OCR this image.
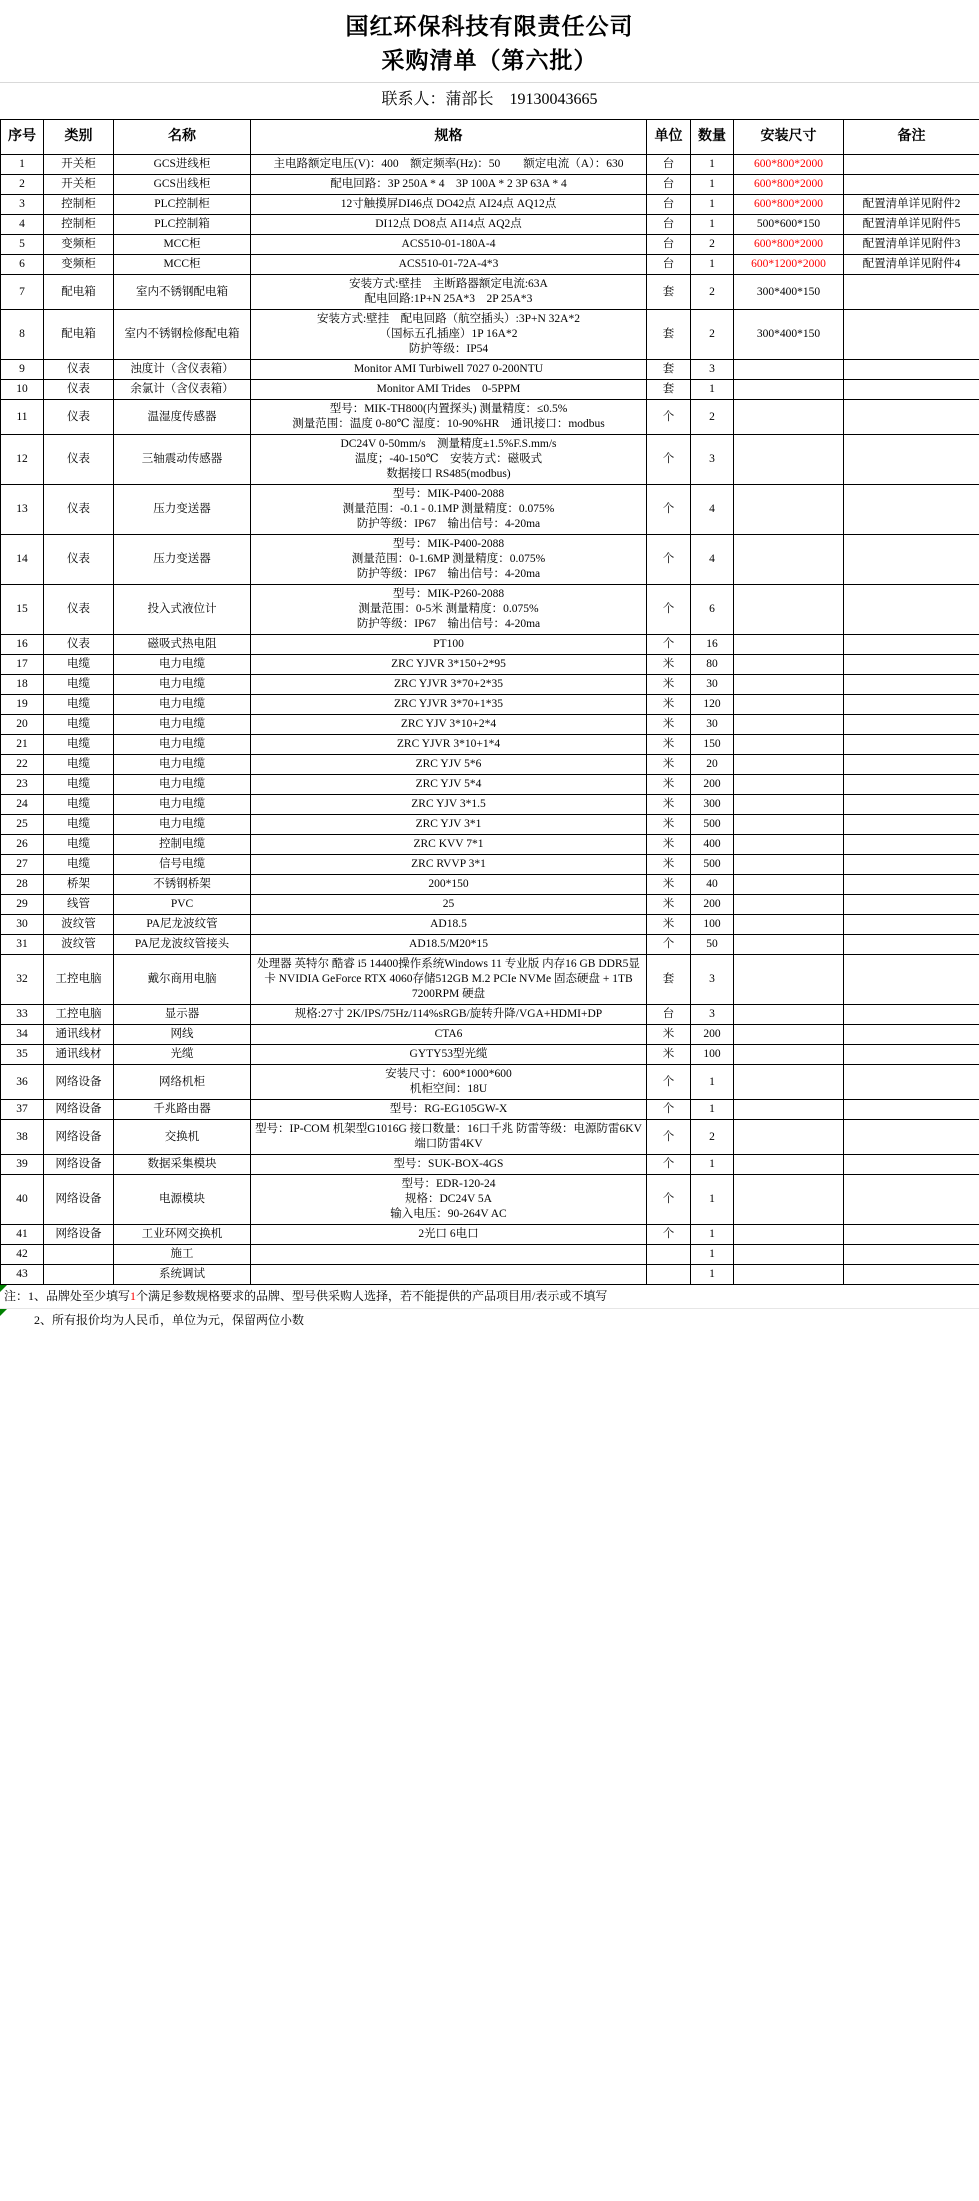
国红环保科技有限责任公司
采购清单（第六批）
联系人：蒲部长　19130043665
序号	类别	名称	规格	单位	数量	安装尺寸	备注
1	开关柜	GCS进线柜	主电路额定电压(V)：400　额定频率(Hz)：50　　额定电流（A）：630	台	1	600*800*2000	
2	开关柜	GCS出线柜	配电回路：3P 250A * 4　3P 100A * 2 3P 63A * 4	台	1	600*800*2000	
3	控制柜	PLC控制柜	12寸触摸屏DI46点 DO42点 AI24点 AQ12点	台	1	600*800*2000	配置清单详见附件2
4	控制柜	PLC控制箱	DI12点 DO8点 AI14点 AQ2点	台	1	500*600*150	配置清单详见附件5
5	变频柜	MCC柜	ACS510-01-180A-4	台	2	600*800*2000	配置清单详见附件3
6	变频柜	MCC柜	ACS510-01-72A-4*3	台	1	600*1200*2000	配置清单详见附件4
7	配电箱	室内不锈钢配电箱	安装方式:壁挂　主断路器额定电流:63A
配电回路:1P+N 25A*3　2P 25A*3	套	2	300*400*150	
8	配电箱	室内不锈钢检修配电箱	安装方式:壁挂　配电回路（航空插头）:3P+N 32A*2
（国标五孔插座）1P 16A*2
防护等级：IP54	套	2	300*400*150	
9	仪表	浊度计（含仪表箱）	Monitor AMI Turbiwell 7027 0-200NTU	套	3		
10	仪表	余氯计（含仪表箱）	Monitor AMI Trides　0-5PPM	套	1		
11	仪表	温湿度传感器	型号：MIK-TH800(内置探头) 测量精度：≤0.5%
测量范围：温度 0-80℃ 湿度：10-90%HR　通讯接口：modbus	个	2		
12	仪表	三轴震动传感器	DC24V 0-50mm/s　测量精度±1.5%F.S.mm/s
温度；-40-150℃　安装方式：磁吸式
数据接口 RS485(modbus)	个	3		
13	仪表	压力变送器	型号：MIK-P400-2088
测量范围：-0.1 - 0.1MP 测量精度：0.075%
防护等级：IP67　输出信号：4-20ma	个	4		
14	仪表	压力变送器	型号：MIK-P400-2088
测量范围：0-1.6MP 测量精度：0.075%
防护等级：IP67　输出信号：4-20ma	个	4		
15	仪表	投入式液位计	型号：MIK-P260-2088
测量范围：0-5米 测量精度：0.075%
防护等级：IP67　输出信号：4-20ma	个	6		
16	仪表	磁吸式热电阻	PT100	个	16		
17	电缆	电力电缆	ZRC YJVR 3*150+2*95	米	80		
18	电缆	电力电缆	ZRC YJVR 3*70+2*35	米	30		
19	电缆	电力电缆	ZRC YJVR 3*70+1*35	米	120		
20	电缆	电力电缆	ZRC YJV 3*10+2*4	米	30		
21	电缆	电力电缆	ZRC YJVR 3*10+1*4	米	150		
22	电缆	电力电缆	ZRC YJV 5*6	米	20		
23	电缆	电力电缆	ZRC YJV 5*4	米	200		
24	电缆	电力电缆	ZRC YJV 3*1.5	米	300		
25	电缆	电力电缆	ZRC YJV 3*1	米	500		
26	电缆	控制电缆	ZRC KVV 7*1	米	400		
27	电缆	信号电缆	ZRC RVVP 3*1	米	500		
28	桥架	不锈钢桥架	200*150	米	40		
29	线管	PVC	25	米	200		
30	波纹管	PA尼龙波纹管	AD18.5	米	100		
31	波纹管	PA尼龙波纹管接头	AD18.5/M20*15	个	50		
32	工控电脑	戴尔商用电脑	处理器 英特尔 酷睿 i5 14400操作系统Windows 11 专业版 内存16 GB DDR5显卡 NVIDIA GeForce RTX 4060存储512GB M.2 PCIe NVMe 固态硬盘 + 1TB 7200RPM 硬盘	套	3		
33	工控电脑	显示器	规格:27寸 2K/IPS/75Hz/114%sRGB/旋转升降/VGA+HDMI+DP	台	3		
34	通讯线材	网线	CTA6	米	200		
35	通讯线材	光缆	GYTY53型光缆	米	100		
36	网络设备	网络机柜	安装尺寸：600*1000*600
机柜空间：18U	个	1		
37	网络设备	千兆路由器	型号：RG-EG105GW-X	个	1		
38	网络设备	交换机	型号：IP-COM 机架型G1016G 接口数量：16口千兆 防雷等级：电源防雷6KV端口防雷4KV	个	2		
39	网络设备	数据采集模块	型号：SUK-BOX-4GS	个	1		
40	网络设备	电源模块	型号：EDR-120-24
规格：DC24V 5A
输入电压：90-264V AC	个	1		
41	网络设备	工业环网交换机	2光口 6电口	个	1		
42		施工			1		
43		系统调试			1		
注：1、品牌处至少填写1个满足参数规格要求的品牌、型号供采购人选择，若不能提供的产品项目用/表示或不填写
2、所有报价均为人民币，单位为元，保留两位小数
